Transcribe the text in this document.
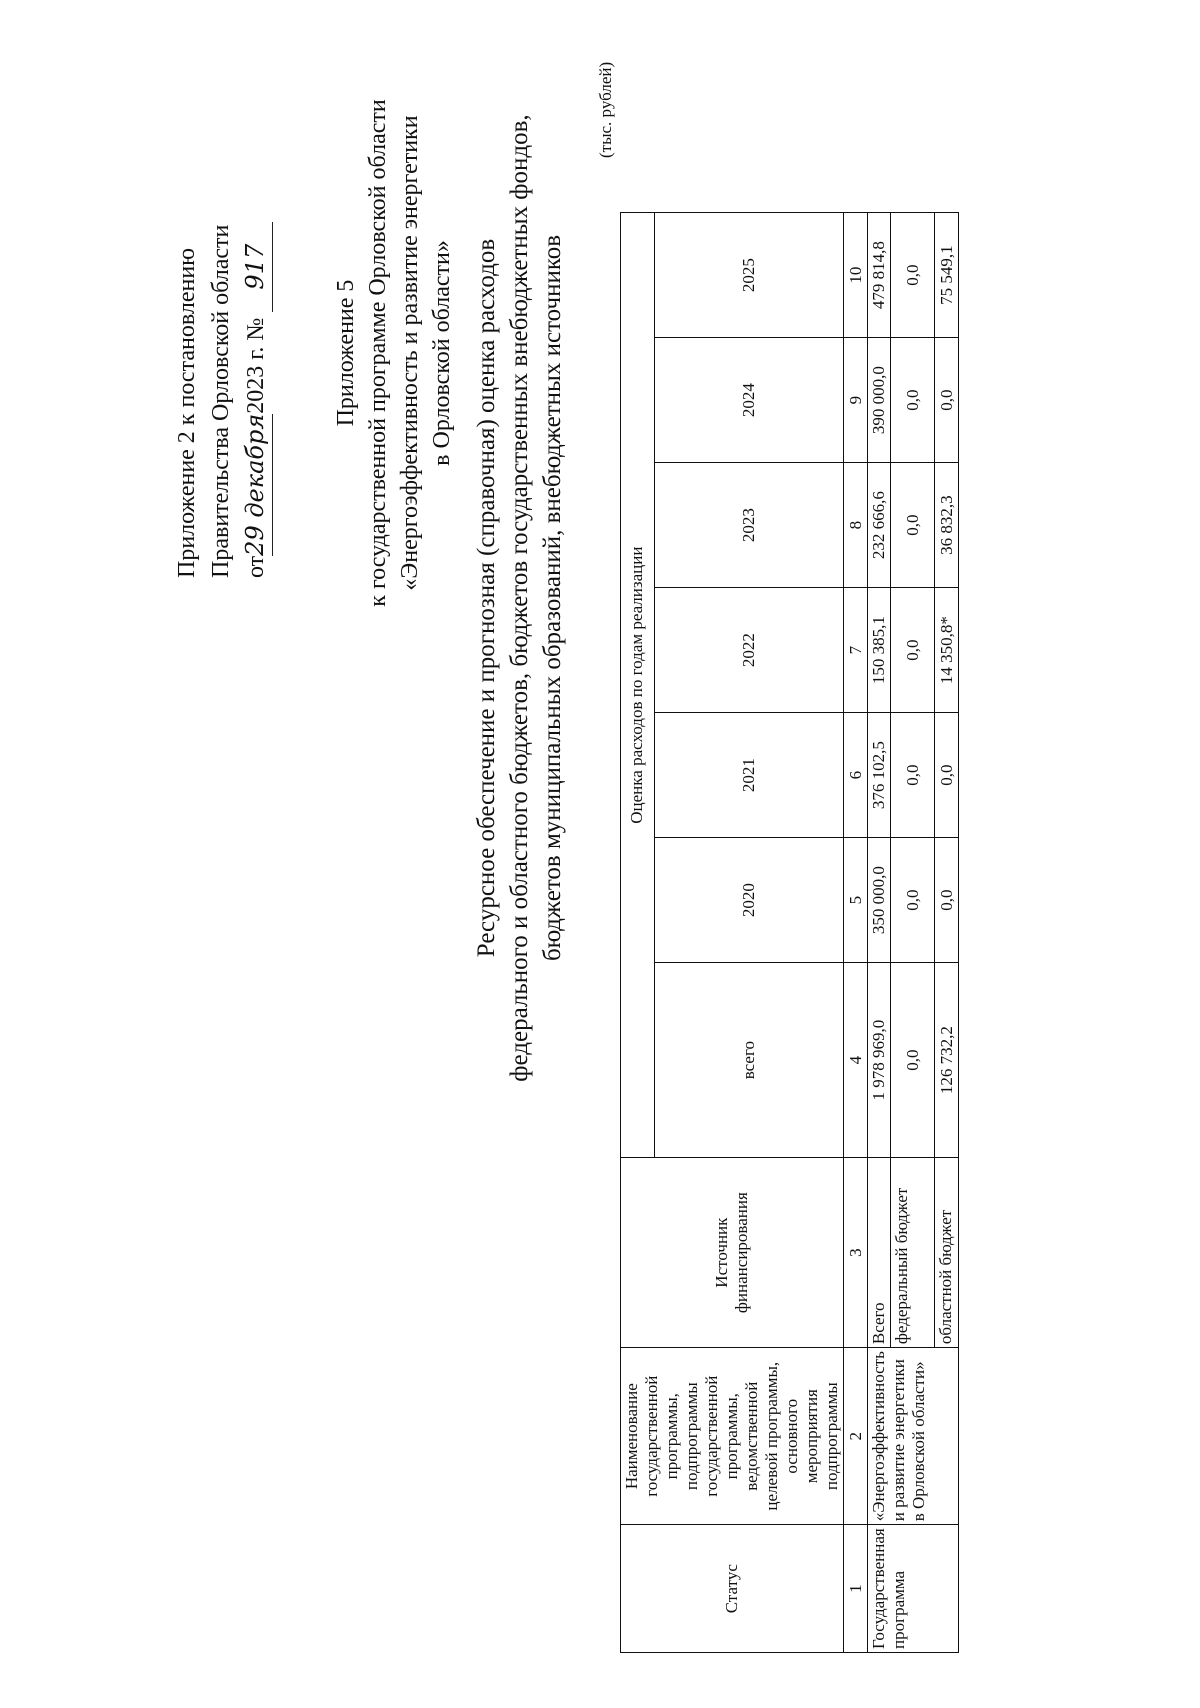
Приложение 2 к постановлению Правительства Орловской области от29 декабря2023 г. № 917
Приложение 5 к государственной программе Орловской области «Энергоэффективность и развитие энергетики в Орловской области» Ресурсное обеспечение и прогнозная (справочная) оценка расходов федерального и областного бюджетов, бюджетов государственных внебюджетных фондов, бюджетов муниципальных образований, внебюджетных источников
(тыс. рублей)
Статус	Наименование государственной программы, подпрограммы государственной программы, ведомственной целевой программы, основного мероприятия подпрограммы	Источник финансирования	Оценка расходов по годам реализации						
			всего	2020	2021	2022	2023	2024	2025
1	2	3	4	5	6	7	8	9	10
Государственная программа	«Энергоэффективность и развитие энергетики в Орловской области»	Всего	1 978 969,0	350 000,0	376 102,5	150 385,1	232 666,6	390 000,0	479 814,8
		федеральный бюджет	0,0	0,0	0,0	0,0	0,0	0,0	0,0
		областной бюджет	126 732,2	0,0	0,0	14 350,8*	36 832,3	0,0	75 549,1
